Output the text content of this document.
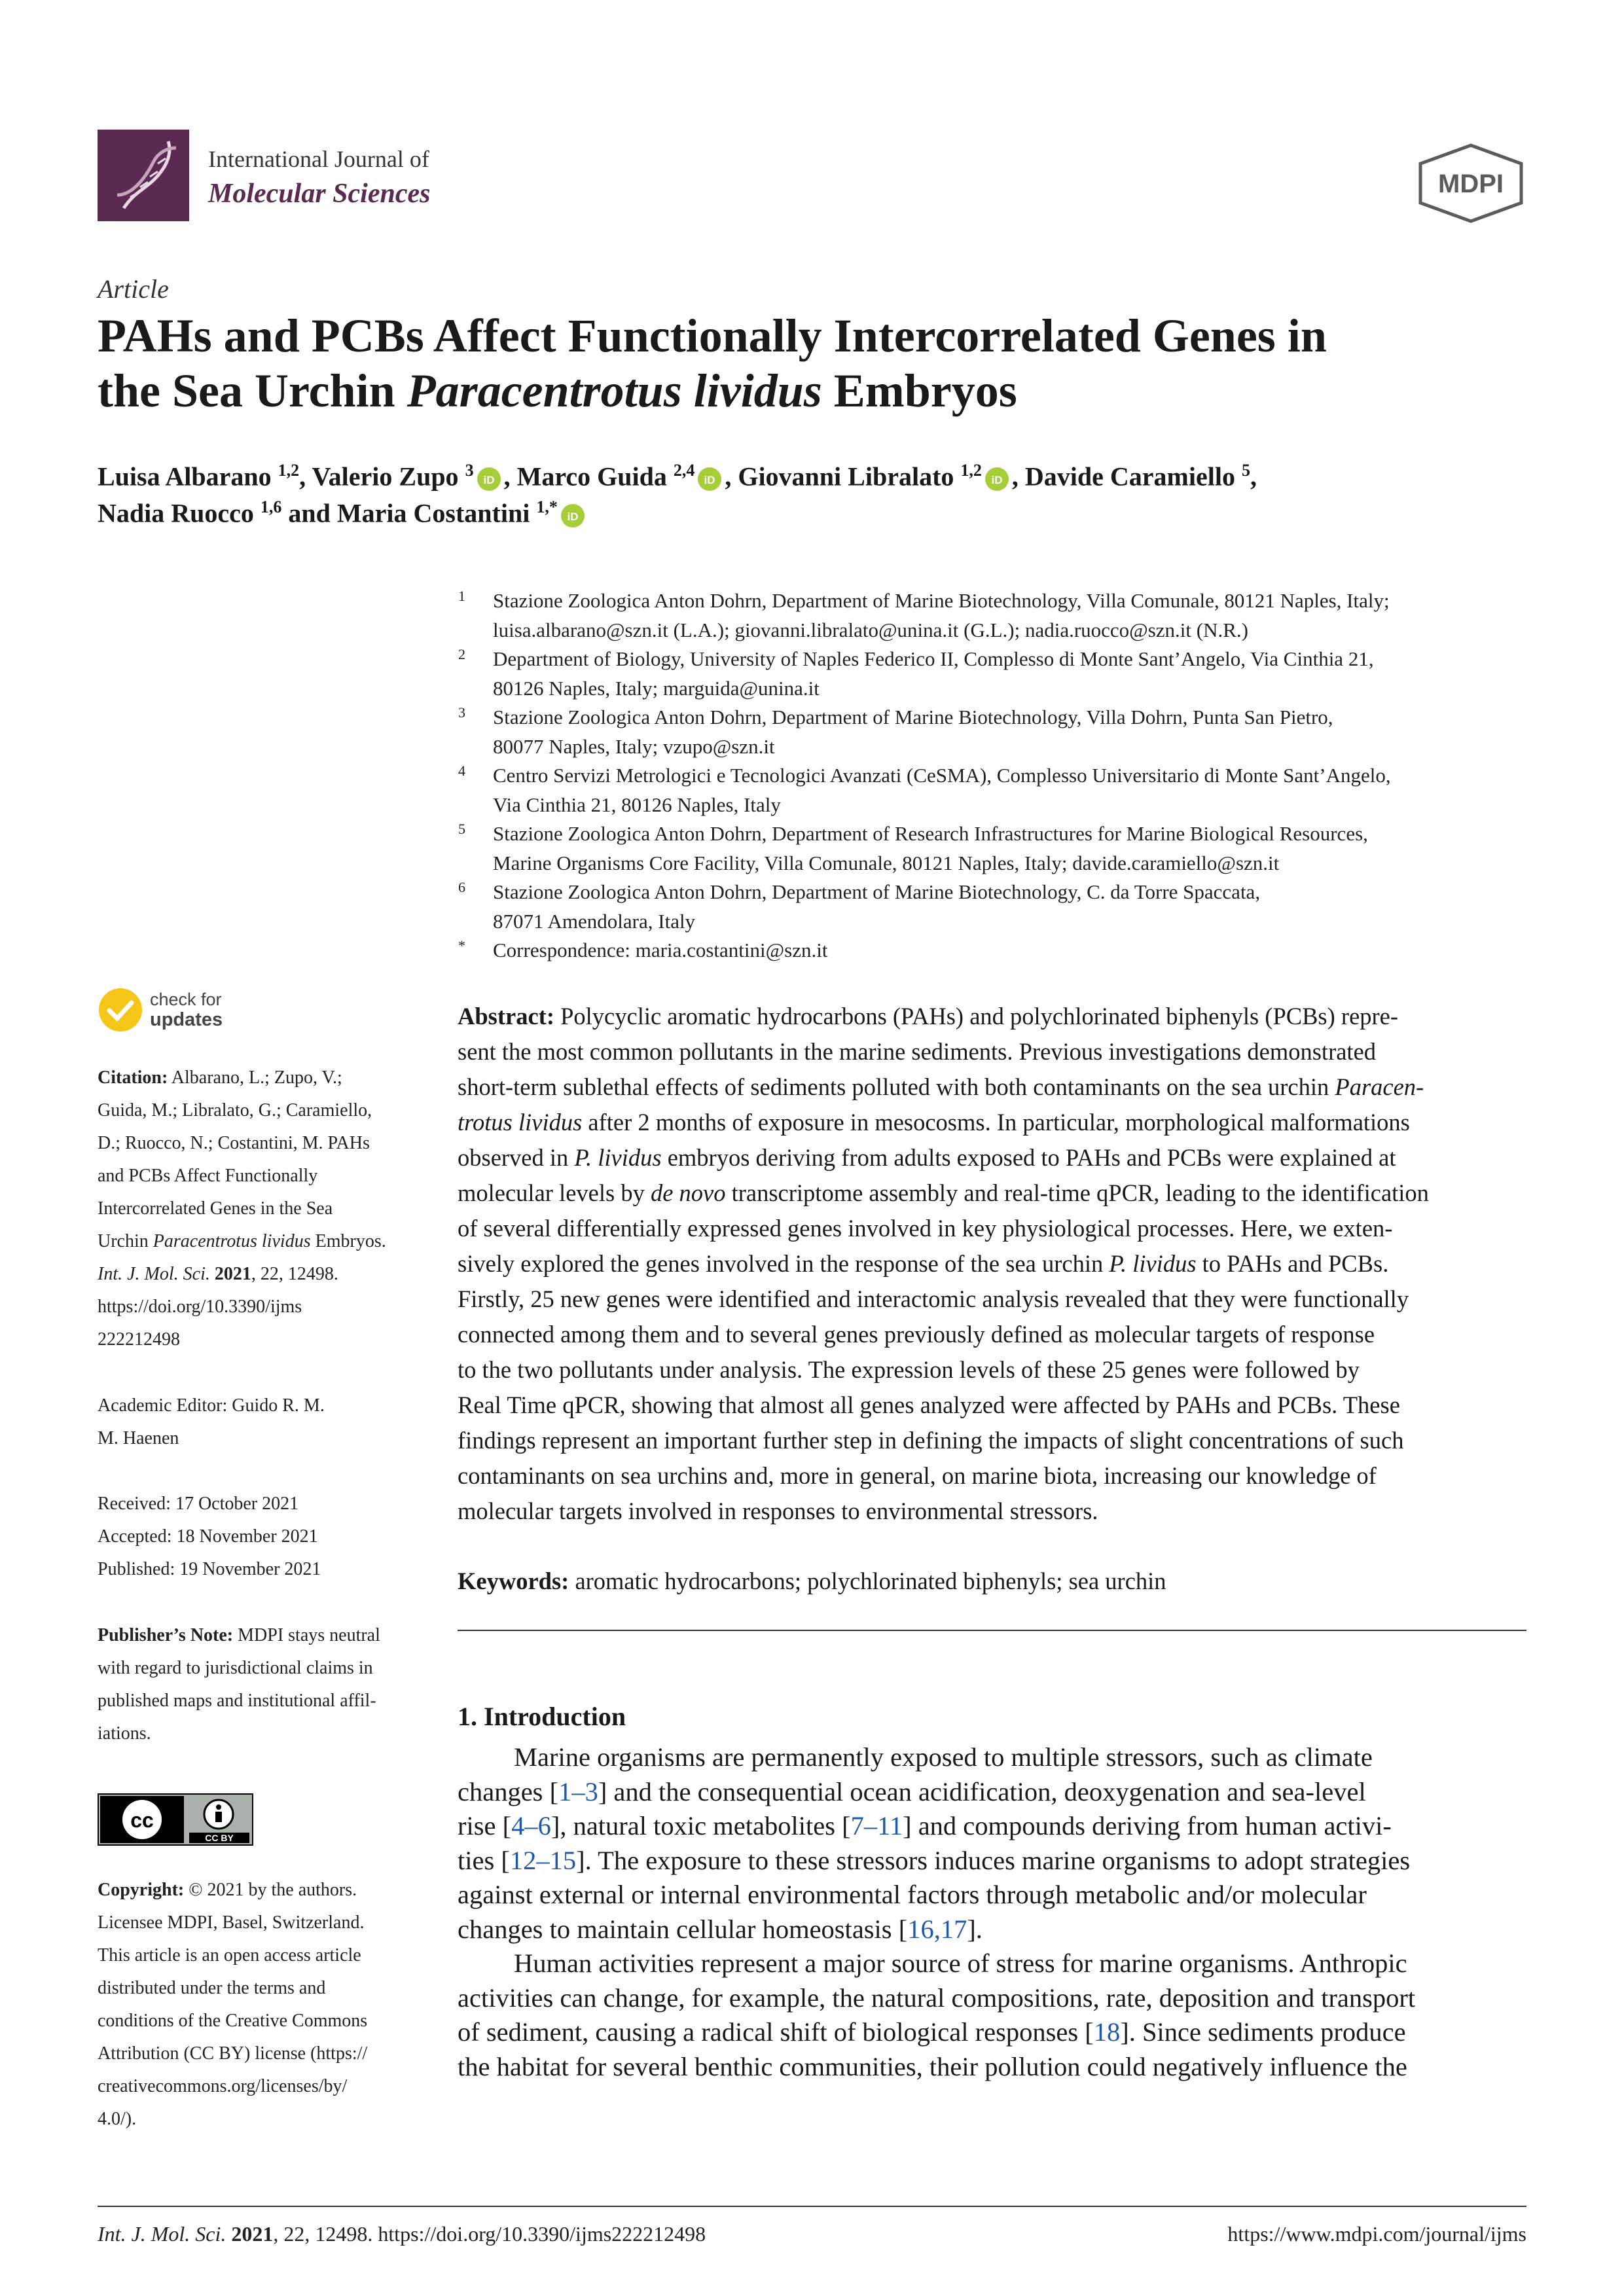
International Journal of
Molecular Sciences	MDPI
Article
PAHs and PCBs Affect Functionally Intercorrelated Genes in
the Sea Urchin Paracentrotus lividus Embryos
Luisa Albarano $^{1,2}$, Valerio Zupo $^3$
iD , Marco Guida $^{2,4}$
iD , Giovanni Libralato $^{1,2}$
iD , Davide Caramiello $^5$,
Nadia Ruocco $^{1,6}$ and Maria Costantini $^{1,*}$
iD
1 Stazione Zoologica Anton Dohrn, Department of Marine Biotechnology, Villa Comunale, 80121 Naples, Italy;
luisa.albarano@szn.it (L.A.); giovanni.libralato@unina.it (G.L.); nadia.ruocco@szn.it (N.R.)
2 Department of Biology, University of Naples Federico II, Complesso di Monte Sant’Angelo, Via Cinthia 21,
80126 Naples, Italy; marguida@unina.it
3 Stazione Zoologica Anton Dohrn, Department of Marine Biotechnology, Villa Dohrn, Punta San Pietro,
80077 Naples, Italy; vzupo@szn.it
4 Centro Servizi Metrologici e Tecnologici Avanzati (CeSMA), Complesso Universitario di Monte Sant’Angelo,
Via Cinthia 21, 80126 Naples, Italy
5 Stazione Zoologica Anton Dohrn, Department of Research Infrastructures for Marine Biological Resources,
Marine Organisms Core Facility, Villa Comunale, 80121 Naples, Italy; davide.caramiello@szn.it
6 Stazione Zoologica Anton Dohrn, Department of Marine Biotechnology, C. da Torre Spaccata,
87071 Amendolara, Italy
* Correspondence: maria.costantini@szn.it
check for
updates
Citation: Albarano, L.; Zupo, V.;
Guida, M.; Libralato, G.; Caramiello,
D.; Ruocco, N.; Costantini, M. PAHs
and PCBs Affect Functionally
Intercorrelated Genes in the Sea
Urchin Paracentrotus lividus Embryos.
Int. J. Mol. Sci. 2021, 22, 12498.
https://doi.org/10.3390/ijms
222212498
Academic Editor: Guido R. M.
M. Haenen
Received: 17 October 2021
Accepted: 18 November 2021
Published: 19 November 2021
Publisher’s Note: MDPI stays neutral
with regard to jurisdictional claims in
published maps and institutional affil-
iations.
cc
CC BY
Copyright: © 2021 by the authors.
Licensee MDPI, Basel, Switzerland.
This article is an open access article
distributed under the terms and
conditions of the Creative Commons
Attribution (CC BY) license (https://
creativecommons.org/licenses/by/
4.0/).
Abstract: Polycyclic aromatic hydrocarbons (PAHs) and polychlorinated biphenyls (PCBs) repre-
sent the most common pollutants in the marine sediments. Previous investigations demonstrated
short-term sublethal effects of sediments polluted with both contaminants on the sea urchin Paracen-
trotus lividus after 2 months of exposure in mesocosms. In particular, morphological malformations
observed in P. lividus embryos deriving from adults exposed to PAHs and PCBs were explained at
molecular levels by de novo transcriptome assembly and real-time qPCR, leading to the identification
of several differentially expressed genes involved in key physiological processes. Here, we exten-
sively explored the genes involved in the response of the sea urchin P. lividus to PAHs and PCBs.
Firstly, 25 new genes were identified and interactomic analysis revealed that they were functionally
connected among them and to several genes previously defined as molecular targets of response
to the two pollutants under analysis. The expression levels of these 25 genes were followed by
Real Time qPCR, showing that almost all genes analyzed were affected by PAHs and PCBs. These
findings represent an important further step in defining the impacts of slight concentrations of such
contaminants on sea urchins and, more in general, on marine biota, increasing our knowledge of
molecular targets involved in responses to environmental stressors.
Keywords: aromatic hydrocarbons; polychlorinated biphenyls; sea urchin
1. Introduction
Marine organisms are permanently exposed to multiple stressors, such as climate
changes [1–3] and the consequential ocean acidification, deoxygenation and sea-level
rise [4–6], natural toxic metabolites [7–11] and compounds deriving from human activi-
ties [12–15]. The exposure to these stressors induces marine organisms to adopt strategies
against external or internal environmental factors through metabolic and/or molecular
changes to maintain cellular homeostasis [16,17].
Human activities represent a major source of stress for marine organisms. Anthropic
activities can change, for example, the natural compositions, rate, deposition and transport
of sediment, causing a radical shift of biological responses [18]. Since sediments produce
the habitat for several benthic communities, their pollution could negatively influence the
Int. J. Mol. Sci. 2021, 22, 12498. https://doi.org/10.3390/ijms222212498	https://www.mdpi.com/journal/ijms
